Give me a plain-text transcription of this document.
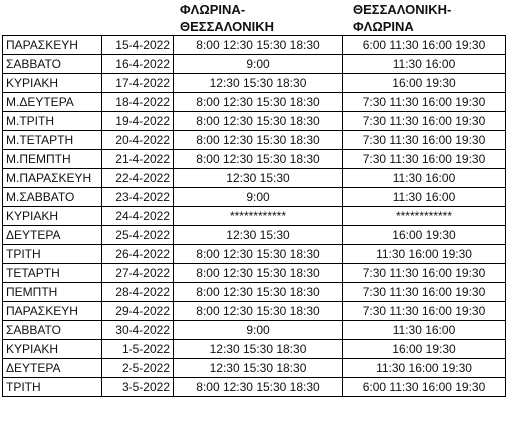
ΦΛΩΡΙΝΑ-
ΘΕΣΣΑΛΟΝΙΚΗ
ΘΕΣΣΑΛΟΝΙΚΗ-
ΦΛΩΡΙΝΑ
ΠΑΡΑΣΚΕΥΗ	15-4-2022	8:00 12:30 15:30 18:30	6:00 11:30 16:00 19:30
ΣΑΒΒΑΤΟ	16-4-2022	9:00	11:30 16:00
ΚΥΡΙΑΚΗ	17-4-2022	12:30 15:30 18:30	16:00 19:30
Μ.ΔΕΥΤΕΡΑ	18-4-2022	8:00 12:30 15:30 18:30	7:30 11:30 16:00 19:30
Μ.ΤΡΙΤΗ	19-4-2022	8:00 12:30 15:30 18:30	7:30 11:30 16:00 19:30
Μ.ΤΕΤΑΡΤΗ	20-4-2022	8:00 12:30 15:30 18:30	7:30 11:30 16:00 19:30
Μ.ΠΕΜΠΤΗ	21-4-2022	8:00 12:30 15:30 18:30	7:30 11:30 16:00 19:30
Μ.ΠΑΡΑΣΚΕΥΗ	22-4-2022	12:30 15:30	11:30 16:00
Μ.ΣΑΒΒΑΤΟ	23-4-2022	9:00	11:30 16:00
ΚΥΡΙΑΚΗ	24-4-2022	************	************
ΔΕΥΤΕΡΑ	25-4-2022	12:30 15:30	16:00 19:30
ΤΡΙΤΗ	26-4-2022	8:00 12:30 15:30 18:30	11:30 16:00 19:30
ΤΕΤΑΡΤΗ	27-4-2022	8:00 12:30 15:30 18:30	7:30 11:30 16:00 19:30
ΠΕΜΠΤΗ	28-4-2022	8:00 12:30 15:30 18:30	7:30 11:30 16:00 19:30
ΠΑΡΑΣΚΕΥΗ	29-4-2022	8:00 12:30 15:30 18:30	7:30 11:30 16:00 19:30
ΣΑΒΒΑΤΟ	30-4-2022	9:00	11:30 16:00
ΚΥΡΙΑΚΗ	1-5-2022	12:30 15:30 18:30	16:00 19:30
ΔΕΥΤΕΡΑ	2-5-2022	12:30 15:30 18:30	11:30 16:00 19:30
ΤΡΙΤΗ	3-5-2022	8:00 12:30 15:30 18:30	6:00 11:30 16:00 19:30
